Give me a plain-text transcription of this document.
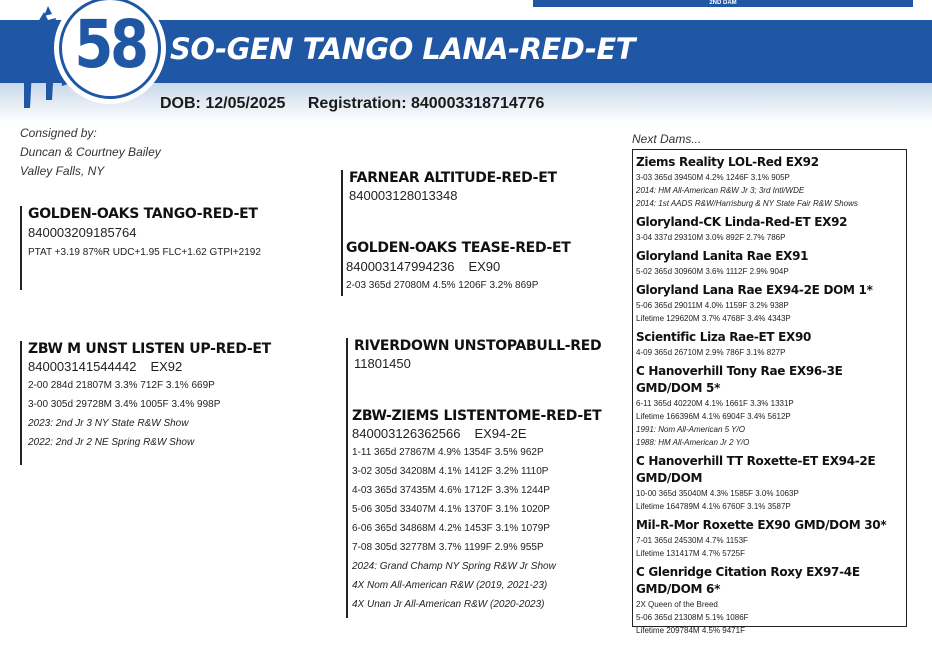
2ND DAM
58 SO-GEN TANGO LANA-RED-ET
DOB: 12/05/2025 Registration: 840003318714776
Consigned by:
Duncan & Courtney Bailey
Valley Falls, NY
GOLDEN-OAKS TANGO-RED-ET
840003209185764
PTAT +3.19 87%R UDC+1.95 FLC+1.62 GTPI+2192
FARNEAR ALTITUDE-RED-ET
840003128013348
GOLDEN-OAKS TEASE-RED-ET
840003147994236 EX90
2-03 365d 27080M 4.5% 1206F 3.2% 869P
ZBW M UNST LISTEN UP-RED-ET
840003141544442 EX92
2-00 284d 21807M 3.3% 712F 3.1% 669P
3-00 305d 29728M 3.4% 1005F 3.4% 998P
2023: 2nd Jr 3 NY State R&W Show
2022: 2nd Jr 2 NE Spring R&W Show
RIVERDOWN UNSTOPABULL-RED
11801450
ZBW-ZIEMS LISTENTOME-RED-ET
840003126362566 EX94-2E
1-11 365d 27867M 4.9% 1354F 3.5% 962P
3-02 305d 34208M 4.1% 1412F 3.2% 1110P
4-03 365d 37435M 4.6% 1712F 3.3% 1244P
5-06 305d 33407M 4.1% 1370F 3.1% 1020P
6-06 365d 34868M 4.2% 1453F 3.1% 1079P
7-08 305d 32778M 3.7% 1199F 2.9% 955P
2024: Grand Champ NY Spring R&W Jr Show
4X Nom All-American R&W (2019, 2021-23)
4X Unan Jr All-American R&W (2020-2023)
Next Dams...
Ziems Reality LOL-Red EX92
3-03 365d 39450M 4.2% 1246F 3.1% 905P
2014: HM All-American R&W Jr 3; 3rd Intl/WDE
2014: 1st AADS R&W/Harrisburg & NY State Fair R&W Shows
Gloryland-CK Linda-Red-ET EX92
3-04 337d 29310M 3.0% 892F 2.7% 786P
Gloryland Lanita Rae EX91
5-02 365d 30960M 3.6% 1112F 2.9% 904P
Gloryland Lana Rae EX94-2E DOM 1*
5-06 365d 29011M 4.0% 1159F 3.2% 938P
Lifetime 129620M 3.7% 4768F 3.4% 4343P
Scientific Liza Rae-ET EX90
4-09 365d 26710M 2.9% 786F 3.1% 827P
C Hanoverhill Tony Rae EX96-3E GMD/DOM 5*
6-11 365d 40220M 4.1% 1661F 3.3% 1331P
Lifetime 166396M 4.1% 6904F 3.4% 5612P
1991: Nom All-American 5 Y/O
1988: HM All-American Jr 2 Y/O
C Hanoverhill TT Roxette-ET EX94-2E GMD/DOM
10-00 365d 35040M 4.3% 1585F 3.0% 1063P
Lifetime 164789M 4.1% 6760F 3.1% 3587P
Mil-R-Mor Roxette EX90 GMD/DOM 30*
7-01 365d 24530M 4.7% 1153F
Lifetime 131417M 4.7% 5725F
C Glenridge Citation Roxy EX97-4E GMD/DOM 6*
2X Queen of the Breed
5-06 365d 21308M 5.1% 1086F
Lifetime 209784M 4.5% 9471F
